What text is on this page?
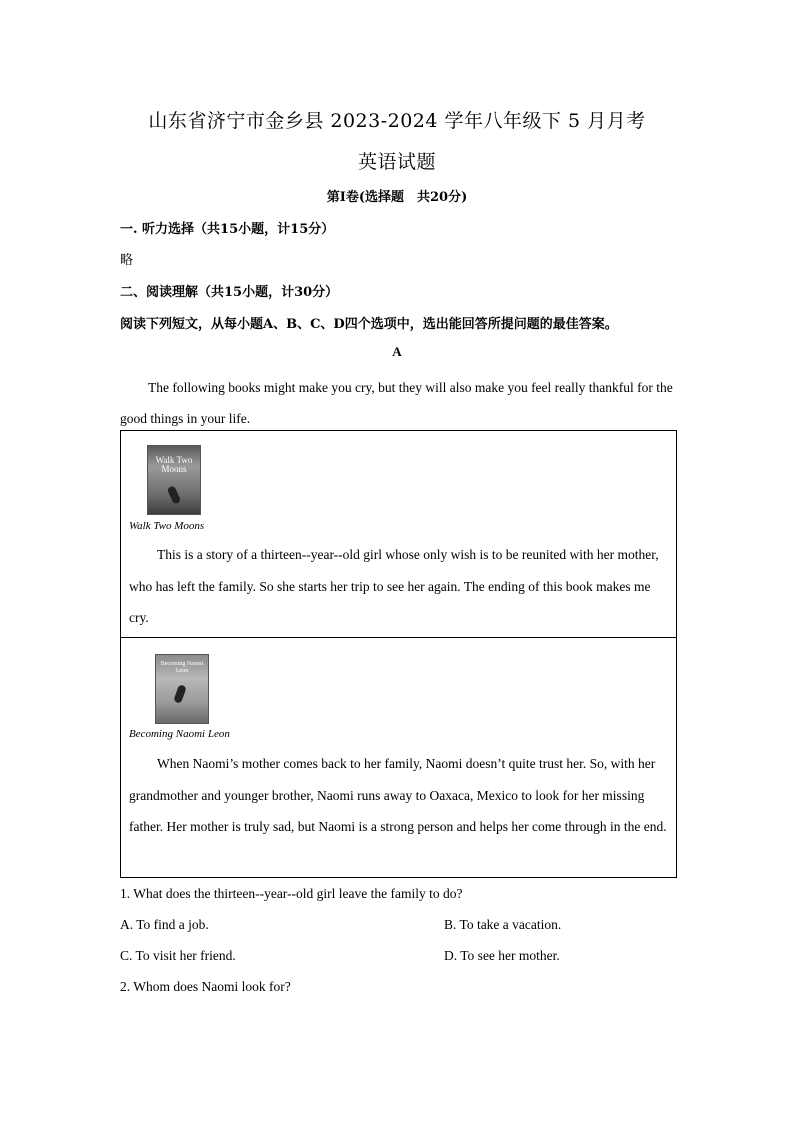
山东省济宁市金乡县 2023-2024 学年八年级下 5 月月考
英语试题
第Ⅰ卷(选择题　共20分)
一. 听力选择（共15小题，计15分）
略
二、阅读理解（共15小题，计30分）
阅读下列短文，从每小题A、B、C、D四个选项中，选出能回答所提问题的最佳答案。
A
The following books might make you cry, but they will also make you feel really thankful for the good things in your life.
Walk Two Moons
Walk Two Moons
This is a story of a thirteen--year--old girl whose only wish is to be reunited with her mother, who has left the family. So she starts her trip to see her again. The ending of this book makes me cry.
Becoming Naomi Leon
Becoming Naomi Leon
When Naomi’s mother comes back to her family, Naomi doesn’t quite trust her. So, with her grandmother and younger brother, Naomi runs away to Oaxaca, Mexico to look for her missing father. Her mother is truly sad, but Naomi is a strong person and helps her come through in the end.
1. What does the thirteen--year--old girl leave the family to do?
A. To find a job.	B. To take a vacation.
C. To visit her friend.	D. To see her mother.
2. Whom does Naomi look for?
